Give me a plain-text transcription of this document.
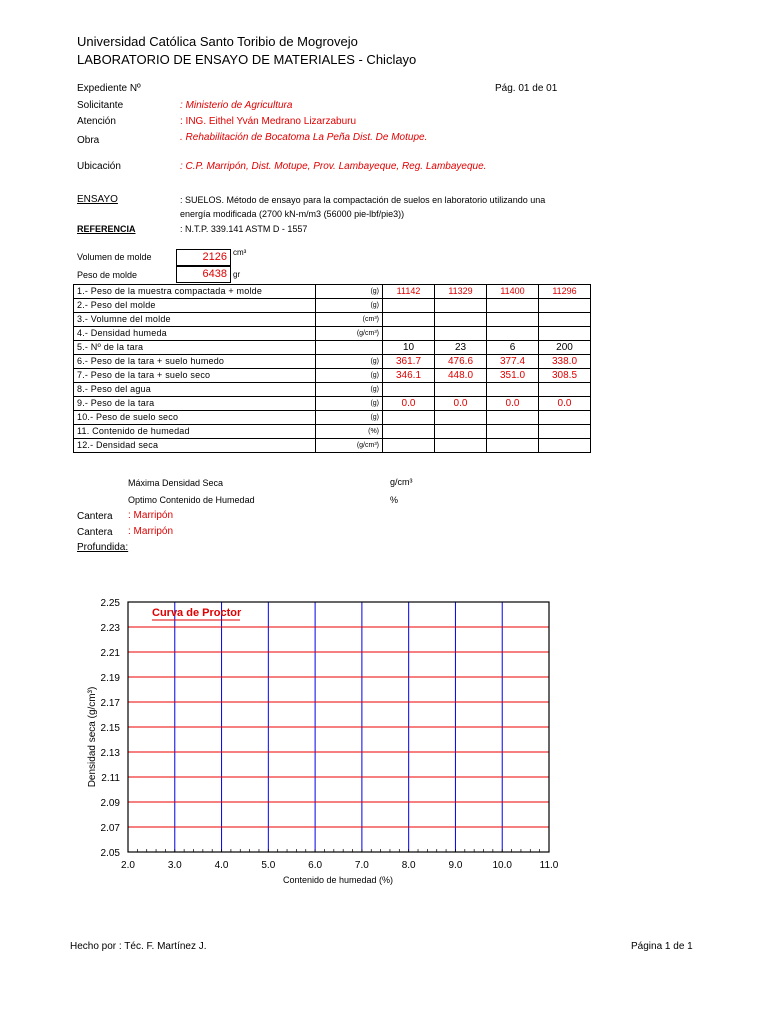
Universidad Católica Santo Toribio de Mogrovejo
LABORATORIO DE ENSAYO DE MATERIALES - Chiclayo
Expediente Nº	Pág. 01 de 01
Solicitante	: Ministerio de Agricultura
Atención	: ING. Eithel Yván Medrano Lizarzaburu
Obra	. Rehabilitación de Bocatoma La Peña Dist. De Motupe.
Ubicación	: C.P. Marripón, Dist. Motupe, Prov. Lambayeque, Reg. Lambayeque.
ENSAYO	: SUELOS. Método de ensayo para la compactación de suelos en laboratorio utilizando una
energía modificada (2700 kN-m/m3 (56000 pie-lbf/pie3))
REFERENCIA	: N.T.P. 339.141 ASTM D - 1557
Volumen de molde	2126 cm³
Peso de molde	6438 gr
1.- Peso de la muestra compactada + molde	(g)	11142	11329	11400	11296
2.- Peso del molde	(g)				
3.- Volumne del molde	(cm³)				
4.- Densidad humeda	(g/cm³)				
5.- Nº de la tara		10	23	6	200
6.- Peso de la tara + suelo humedo	(g)	361.7	476.6	377.4	338.0
7.- Peso de la tara + suelo seco	(g)	346.1	448.0	351.0	308.5
8.- Peso del agua	(g)				
9.- Peso de la tara	(g)	0.0	0.0	0.0	0.0
10.- Peso de suelo seco	(g)				
11. Contenido de humedad	(%)				
12.- Densidad seca	(g/cm³)				
Máxima Densidad Seca	g/cm³
Optimo Contenido de Humedad	%
Cantera : Marripón
Cantera : Marripón
Profundida:
2.0	3.0	4.0	5.0	6.0	7.0	8.0	9.0	10.0	11.0
2.05
2.07
2.09
2.11
2.13
2.15
2.17
2.19
2.21
2.23
2.25
Curva de Proctor
Contenido de humedad (%)
Densidad seca (g/cm³)
Hecho por : Téc. F. Martínez J.	Página 1 de 1
